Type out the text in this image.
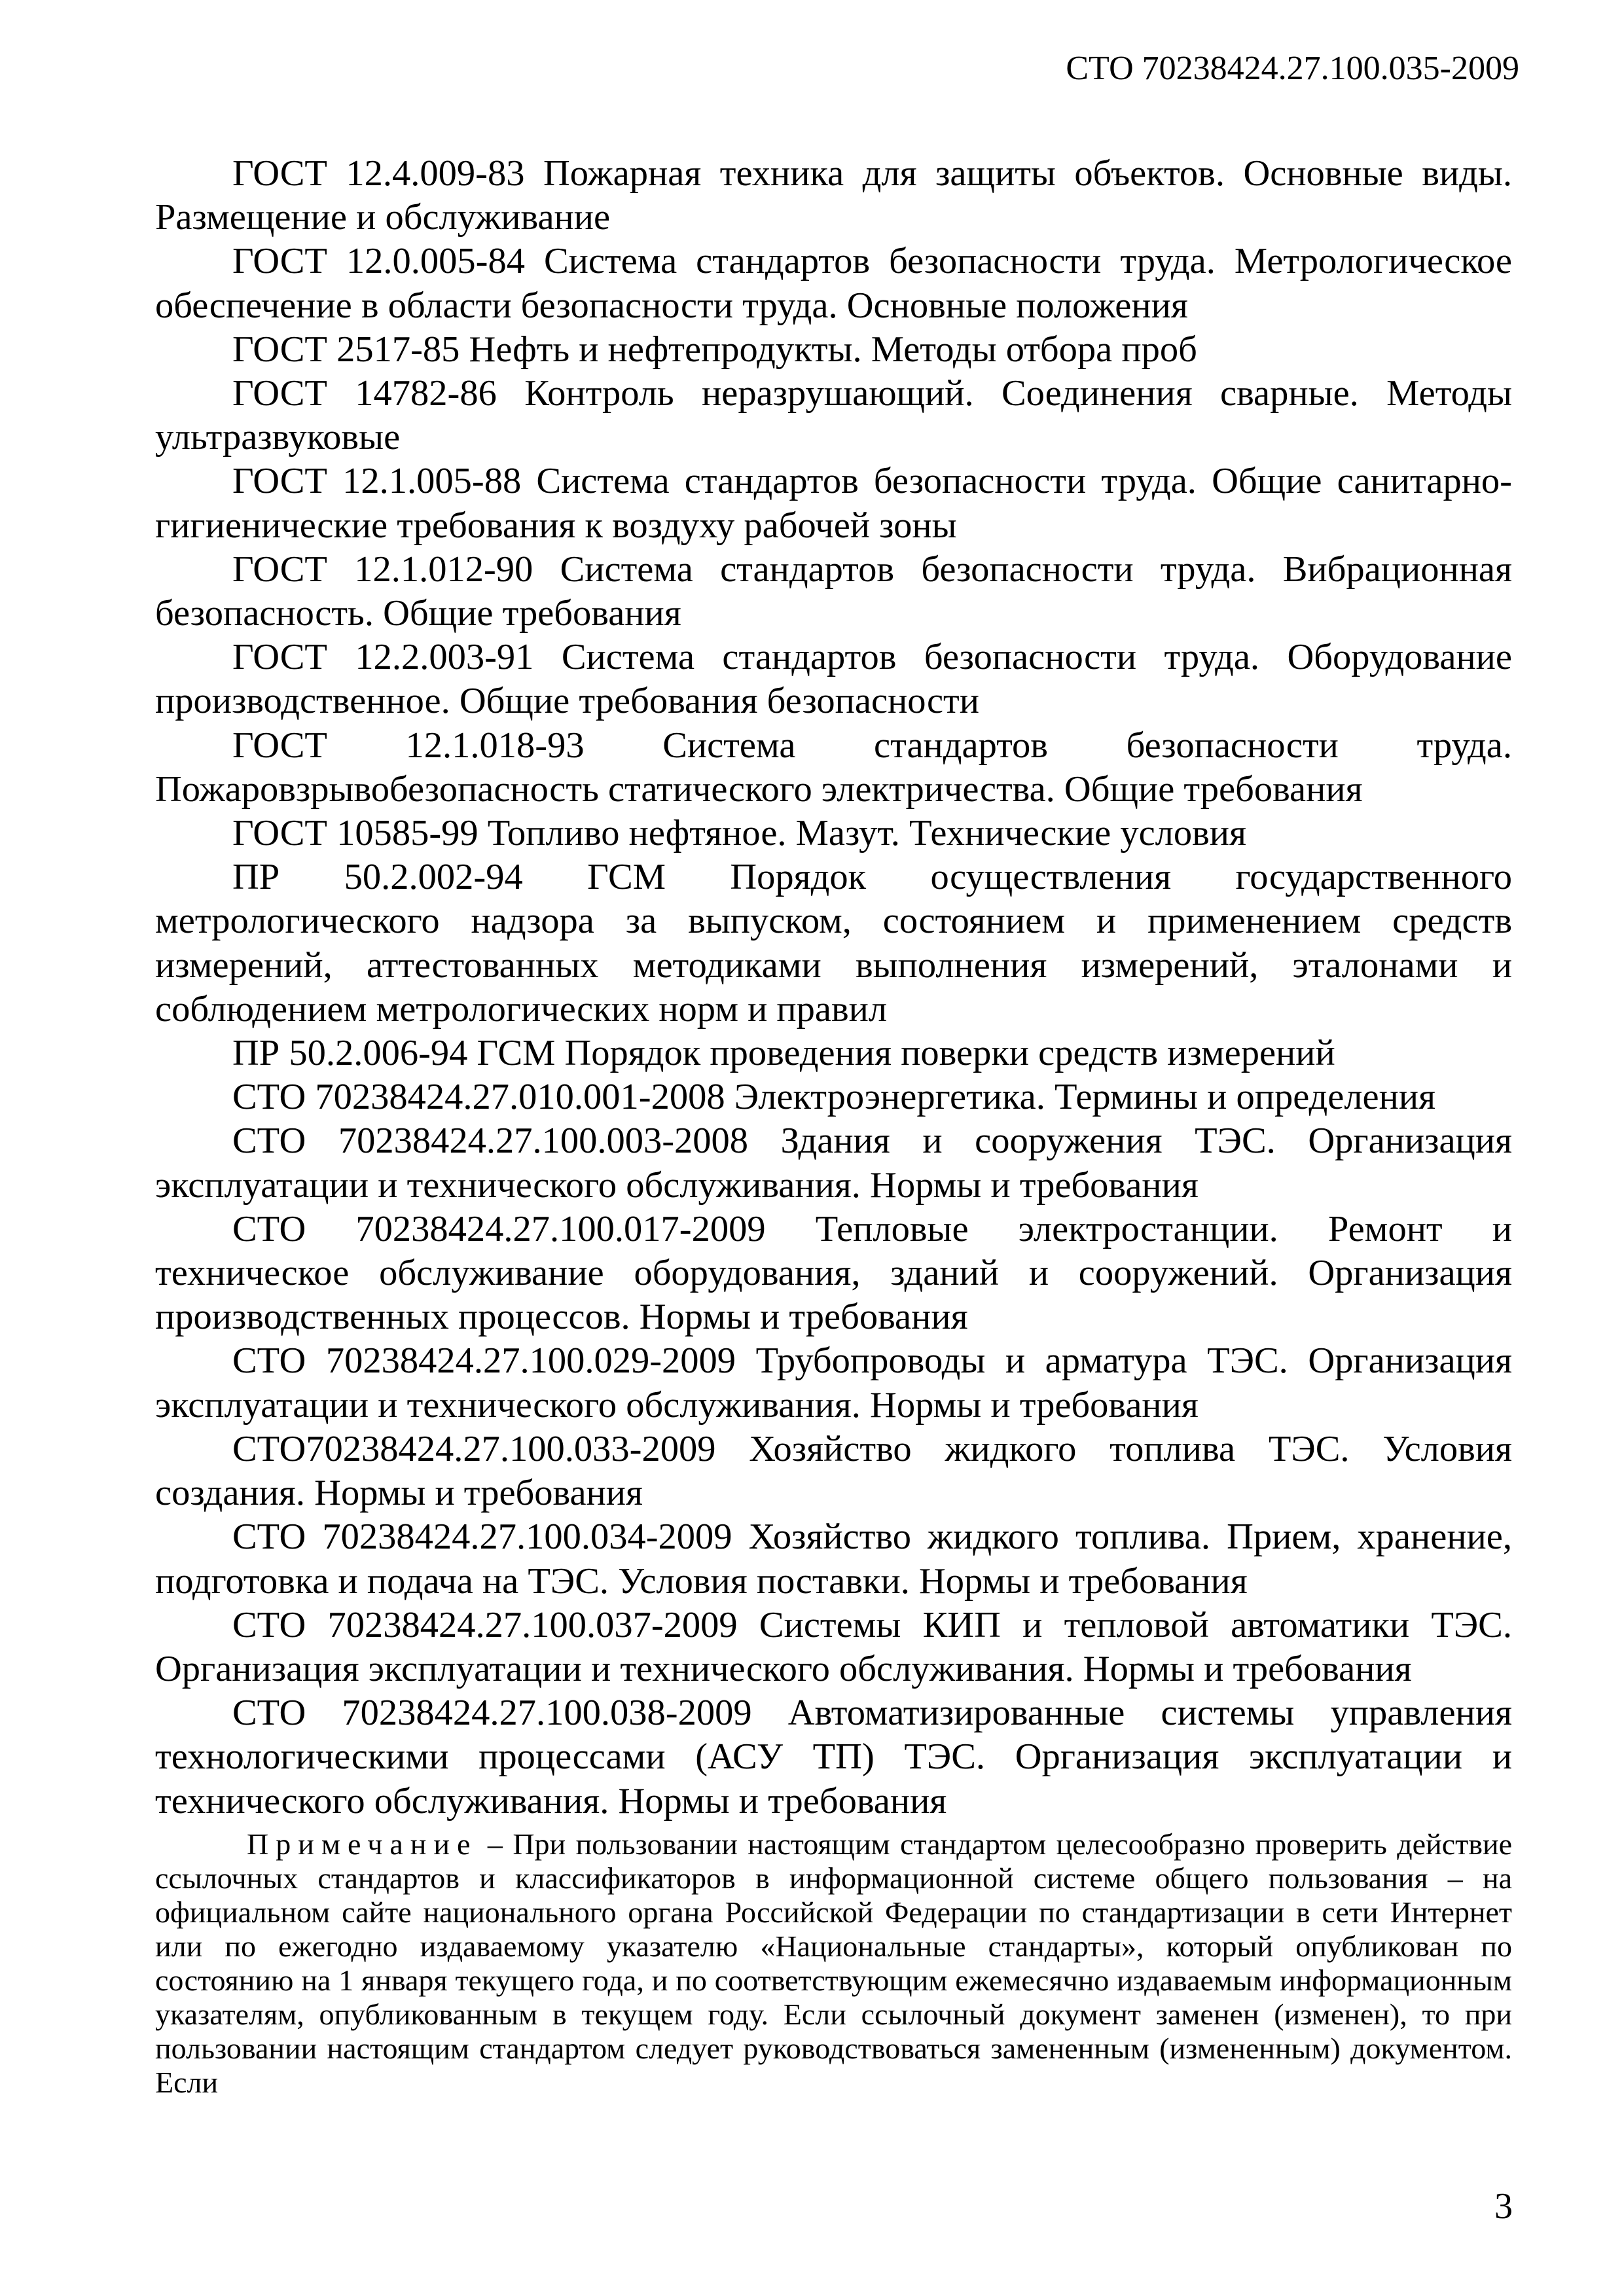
СТО 70238424.27.100.035-2009

ГОСТ 12.4.009-83 Пожарная техника для защиты объектов. Основные виды. Размещение и обслуживание

ГОСТ 12.0.005-84 Система стандартов безопасности труда. Метрологическое обеспечение в области безопасности труда. Основные положения

ГОСТ 2517-85 Нефть и нефтепродукты. Методы отбора проб

ГОСТ 14782-86 Контроль неразрушающий. Соединения сварные. Методы ультразвуковые

ГОСТ 12.1.005-88 Система стандартов безопасности труда. Общие санитарно-гигиенические требования к воздуху рабочей зоны

ГОСТ 12.1.012-90 Система стандартов безопасности труда. Вибрационная безопасность. Общие требования

ГОСТ 12.2.003-91 Система стандартов безопасности труда. Оборудование производственное. Общие требования безопасности

ГОСТ 12.1.018-93 Система стандартов безопасности труда. Пожаровзрывобезопасность статического электричества. Общие требования

ГОСТ 10585-99 Топливо нефтяное. Мазут. Технические условия

ПР 50.2.002-94 ГСМ Порядок осуществления государственного метрологического надзора за выпуском, состоянием и применением средств измерений, аттестованных методиками выполнения измерений, эталонами и соблюдением метрологических норм и правил

ПР 50.2.006-94 ГСМ Порядок проведения поверки средств измерений

СТО 70238424.27.010.001-2008 Электроэнергетика. Термины и определения

СТО 70238424.27.100.003-2008 Здания и сооружения ТЭС. Организация эксплуатации и технического обслуживания. Нормы и требования

СТО 70238424.27.100.017-2009 Тепловые электростанции. Ремонт и техническое обслуживание оборудования, зданий и сооружений. Организация производственных процессов. Нормы и требования

СТО 70238424.27.100.029-2009 Трубопроводы и арматура ТЭС. Организация эксплуатации и технического обслуживания. Нормы и требования

СТО70238424.27.100.033-2009 Хозяйство жидкого топлива ТЭС. Условия создания. Нормы и требования

СТО 70238424.27.100.034-2009 Хозяйство жидкого топлива. Прием, хранение, подготовка и подача на ТЭС. Условия поставки. Нормы и требования

СТО 70238424.27.100.037-2009 Системы КИП и тепловой автоматики ТЭС. Организация эксплуатации и технического обслуживания. Нормы и требования

СТО 70238424.27.100.038-2009 Автоматизированные системы управления технологическими процессами (АСУ ТП) ТЭС. Организация эксплуатации и технического обслуживания. Нормы и требования

Примечание – При пользовании настоящим стандартом целесообразно проверить действие ссылочных стандартов и классификаторов в информационной системе общего пользования – на официальном сайте национального органа Российской Федерации по стандартизации в сети Интернет или по ежегодно издаваемому указателю «Национальные стандарты», который опубликован по состоянию на 1 января текущего года, и по соответствующим ежемесячно издаваемым информационным указателям, опубликованным в текущем году. Если ссылочный документ заменен (изменен), то при пользовании настоящим стандартом следует руководствоваться замененным (измененным) документом. Если

3
